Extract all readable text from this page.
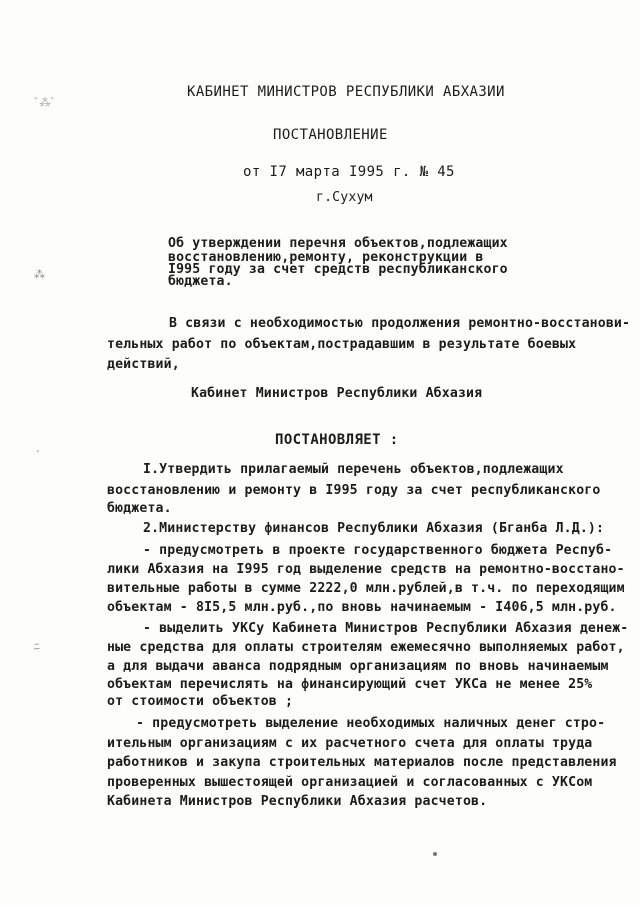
ﾟ⁂ﾟ
⁂
ﾞ
ﾆ
КАБИНЕТ МИНИСТРОВ РЕСПУБЛИКИ АБХАЗИИ
ПОСТАНОВЛЕНИЕ
от I7 марта I995 г. № 45
г.Сухум
Об утверждении перечня объектов,подлежащих
восстановлению,ремонту, реконструкции в
I995 году за счет средств республиканского
бюджета.
В связи с необходимостью продолжения ремонтно-восстанови-
тельных работ по объектам,пострадавшим в результате боевых
действий,
Кабинет Министров Республики Абхазия
ПОСТАНОВЛЯЕТ :
I.Утвердить прилагаемый перечень объектов,подлежащих
восстановлению и ремонту в I995 году за счет республиканского
бюджета.
2.Министерству финансов Республики Абхазия (Бганба Л.Д.):
- предусмотреть в проекте государственного бюджета Респуб-
лики Абхазия на I995 год выделение средств на ремонтно-восстано-
вительные работы в сумме 2222,0 млн.рублей,в т.ч. по переходящим
объектам - 8I5,5 млн.руб.,по вновь начинаемым - I406,5 млн.руб.
- выделить УКСу Кабинета Министров Республики Абхазия денеж-
ные средства для оплаты строителям ежемесячно выполняемых работ,
а для выдачи аванса подрядным организациям по вновь начинаемым
объектам перечислять на финансирующий счет УКСа не менее 25%
от стоимости объектов ;
- предусмотреть выделение необходимых наличных денег стро-
ительным организациям с их расчетного счета для оплаты труда
работников и закупа строительных материалов после представления
проверенных вышестоящей организацией и согласованных с УКСом
Кабинета Министров Республики Абхазия расчетов.
